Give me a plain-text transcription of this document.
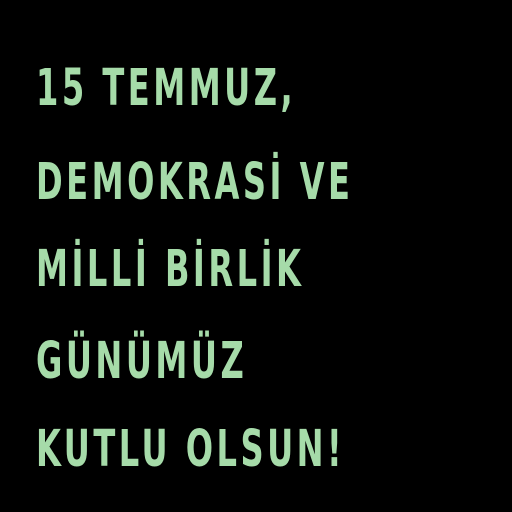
15 TEMMUZ,

DEMOKRASİ VE

MİLLİ BİRLİK

GÜNÜMÜZ

KUTLU OLSUN!
